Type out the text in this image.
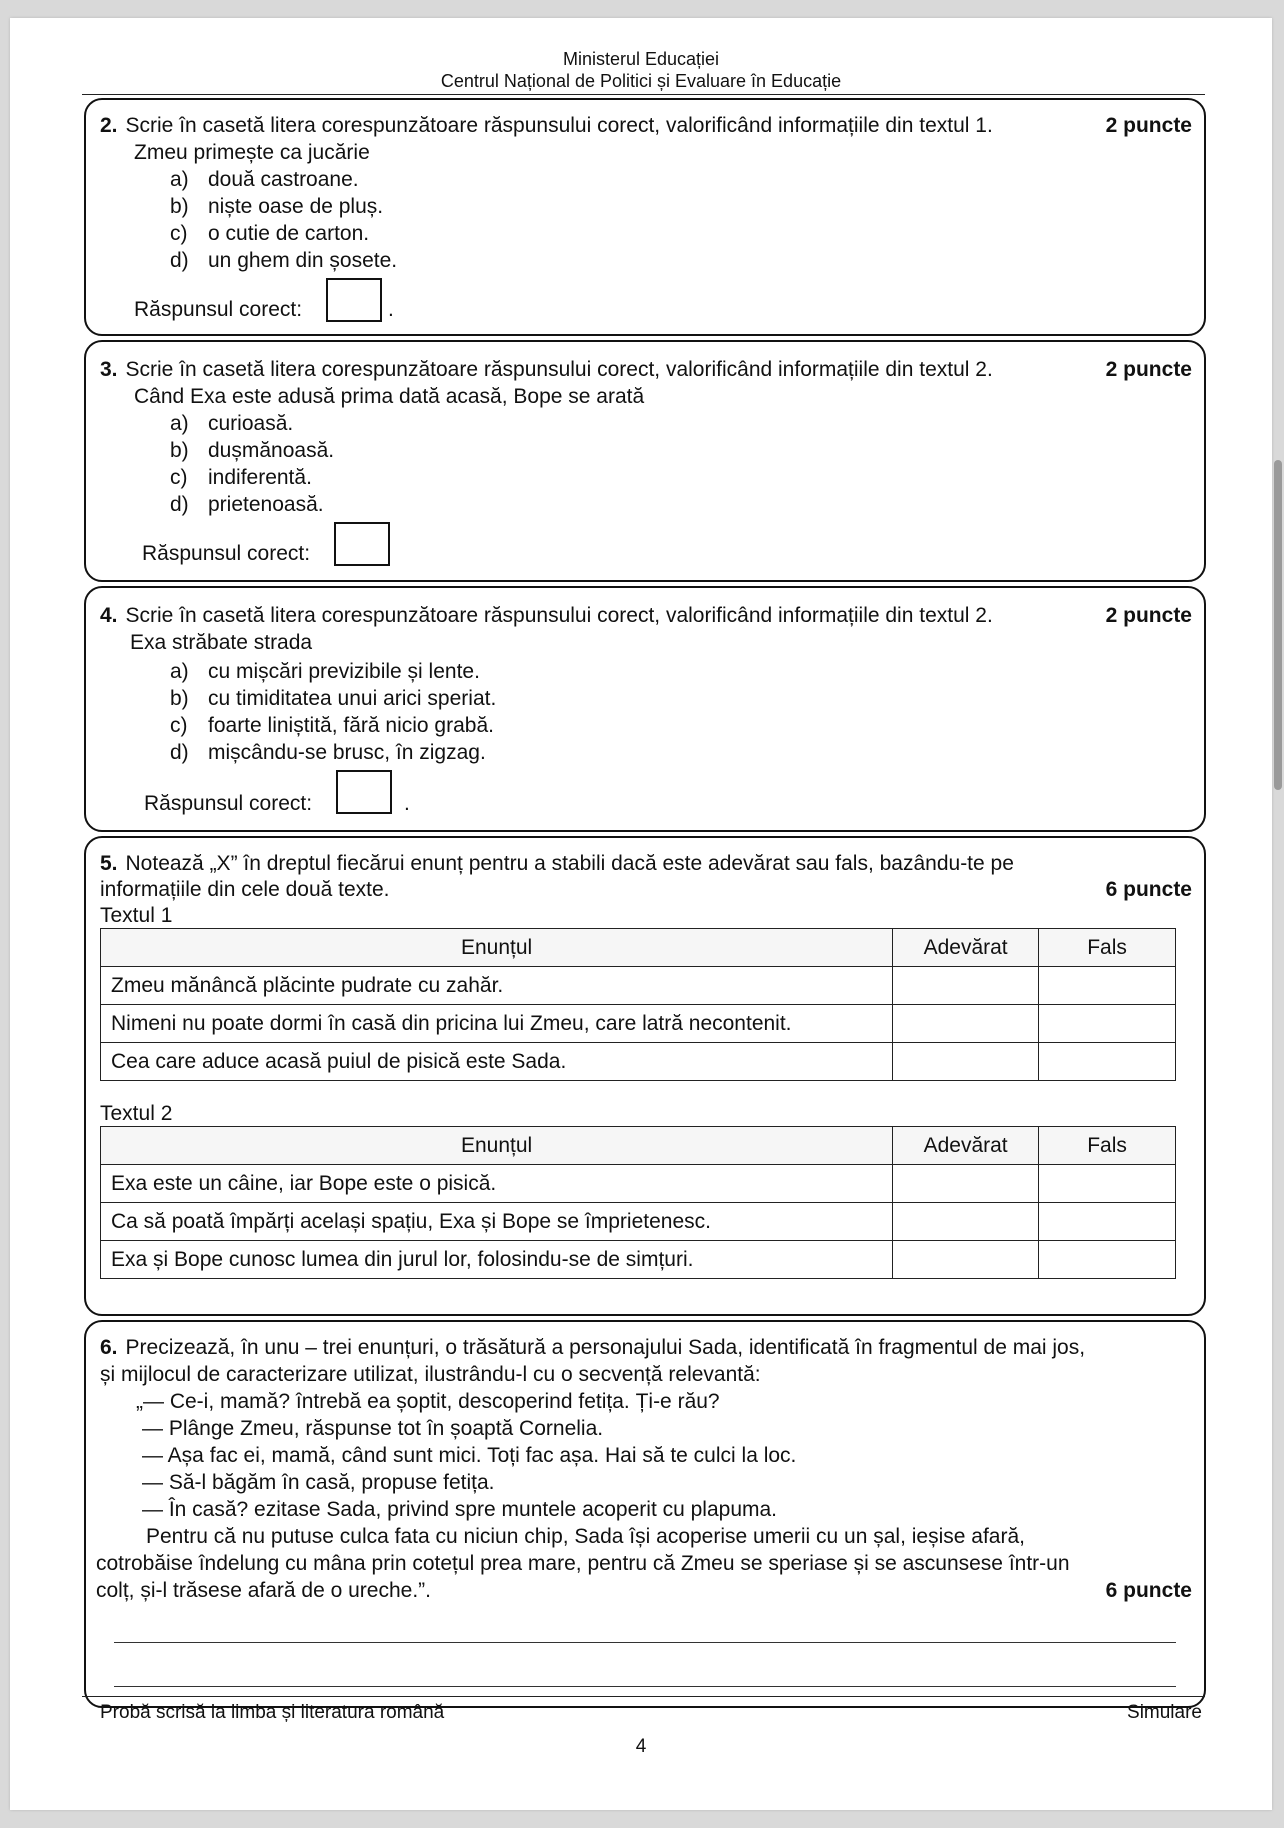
Ministerul Educației
Centrul Național de Politici și Evaluare în Educație
2. Scrie în casetă litera corespunzătoare răspunsului corect, valorificând informațiile din textul 1.	2 puncte
Zmeu primește ca jucărie
a) două castroane.
b) niște oase de pluș.
c) o cutie de carton.
d) un ghem din șosete.
Răspunsul corect:	.
3. Scrie în casetă litera corespunzătoare răspunsului corect, valorificând informațiile din textul 2.	2 puncte
Când Exa este adusă prima dată acasă, Bope se arată
a) curioasă.
b) dușmănoasă.
c) indiferentă.
d) prietenoasă.
Răspunsul corect:
4. Scrie în casetă litera corespunzătoare răspunsului corect, valorificând informațiile din textul 2.	2 puncte
Exa străbate strada
a) cu mișcări previzibile și lente.
b) cu timiditatea unui arici speriat.
c) foarte liniștită, fără nicio grabă.
d) mișcându-se brusc, în zigzag.
Răspunsul corect:	.
5. Notează „X” în dreptul fiecărui enunț pentru a stabili dacă este adevărat sau fals, bazându-te pe
informațiile din cele două texte.	6 puncte
Textul 1
Enunțul	Adevărat	Fals
Zmeu mănâncă plăcinte pudrate cu zahăr.		
Nimeni nu poate dormi în casă din pricina lui Zmeu, care latră necontenit.		
Cea care aduce acasă puiul de pisică este Sada.		
Textul 2
Enunțul	Adevărat	Fals
Exa este un câine, iar Bope este o pisică.		
Ca să poată împărți același spațiu, Exa și Bope se împrietenesc.		
Exa și Bope cunosc lumea din jurul lor, folosindu-se de simțuri.		
6. Precizează, în unu – trei enunțuri, o trăsătură a personajului Sada, identificată în fragmentul de mai jos,
și mijlocul de caracterizare utilizat, ilustrându-l cu o secvență relevantă:
„— Ce-i, mamă? întrebă ea șoptit, descoperind fetița. Ți-e rău?
— Plânge Zmeu, răspunse tot în șoaptă Cornelia.
— Așa fac ei, mamă, când sunt mici. Toți fac așa. Hai să te culci la loc.
— Să-l băgăm în casă, propuse fetița.
— În casă? ezitase Sada, privind spre muntele acoperit cu plapuma.
Pentru că nu putuse culca fata cu niciun chip, Sada își acoperise umerii cu un șal, ieșise afară,
cotrobăise îndelung cu mâna prin cotețul prea mare, pentru că Zmeu se speriase și se ascunsese într-un
colț, și-l trăsese afară de o ureche.”.	6 puncte
Probă scrisă la limba și literatura română	Simulare
4
